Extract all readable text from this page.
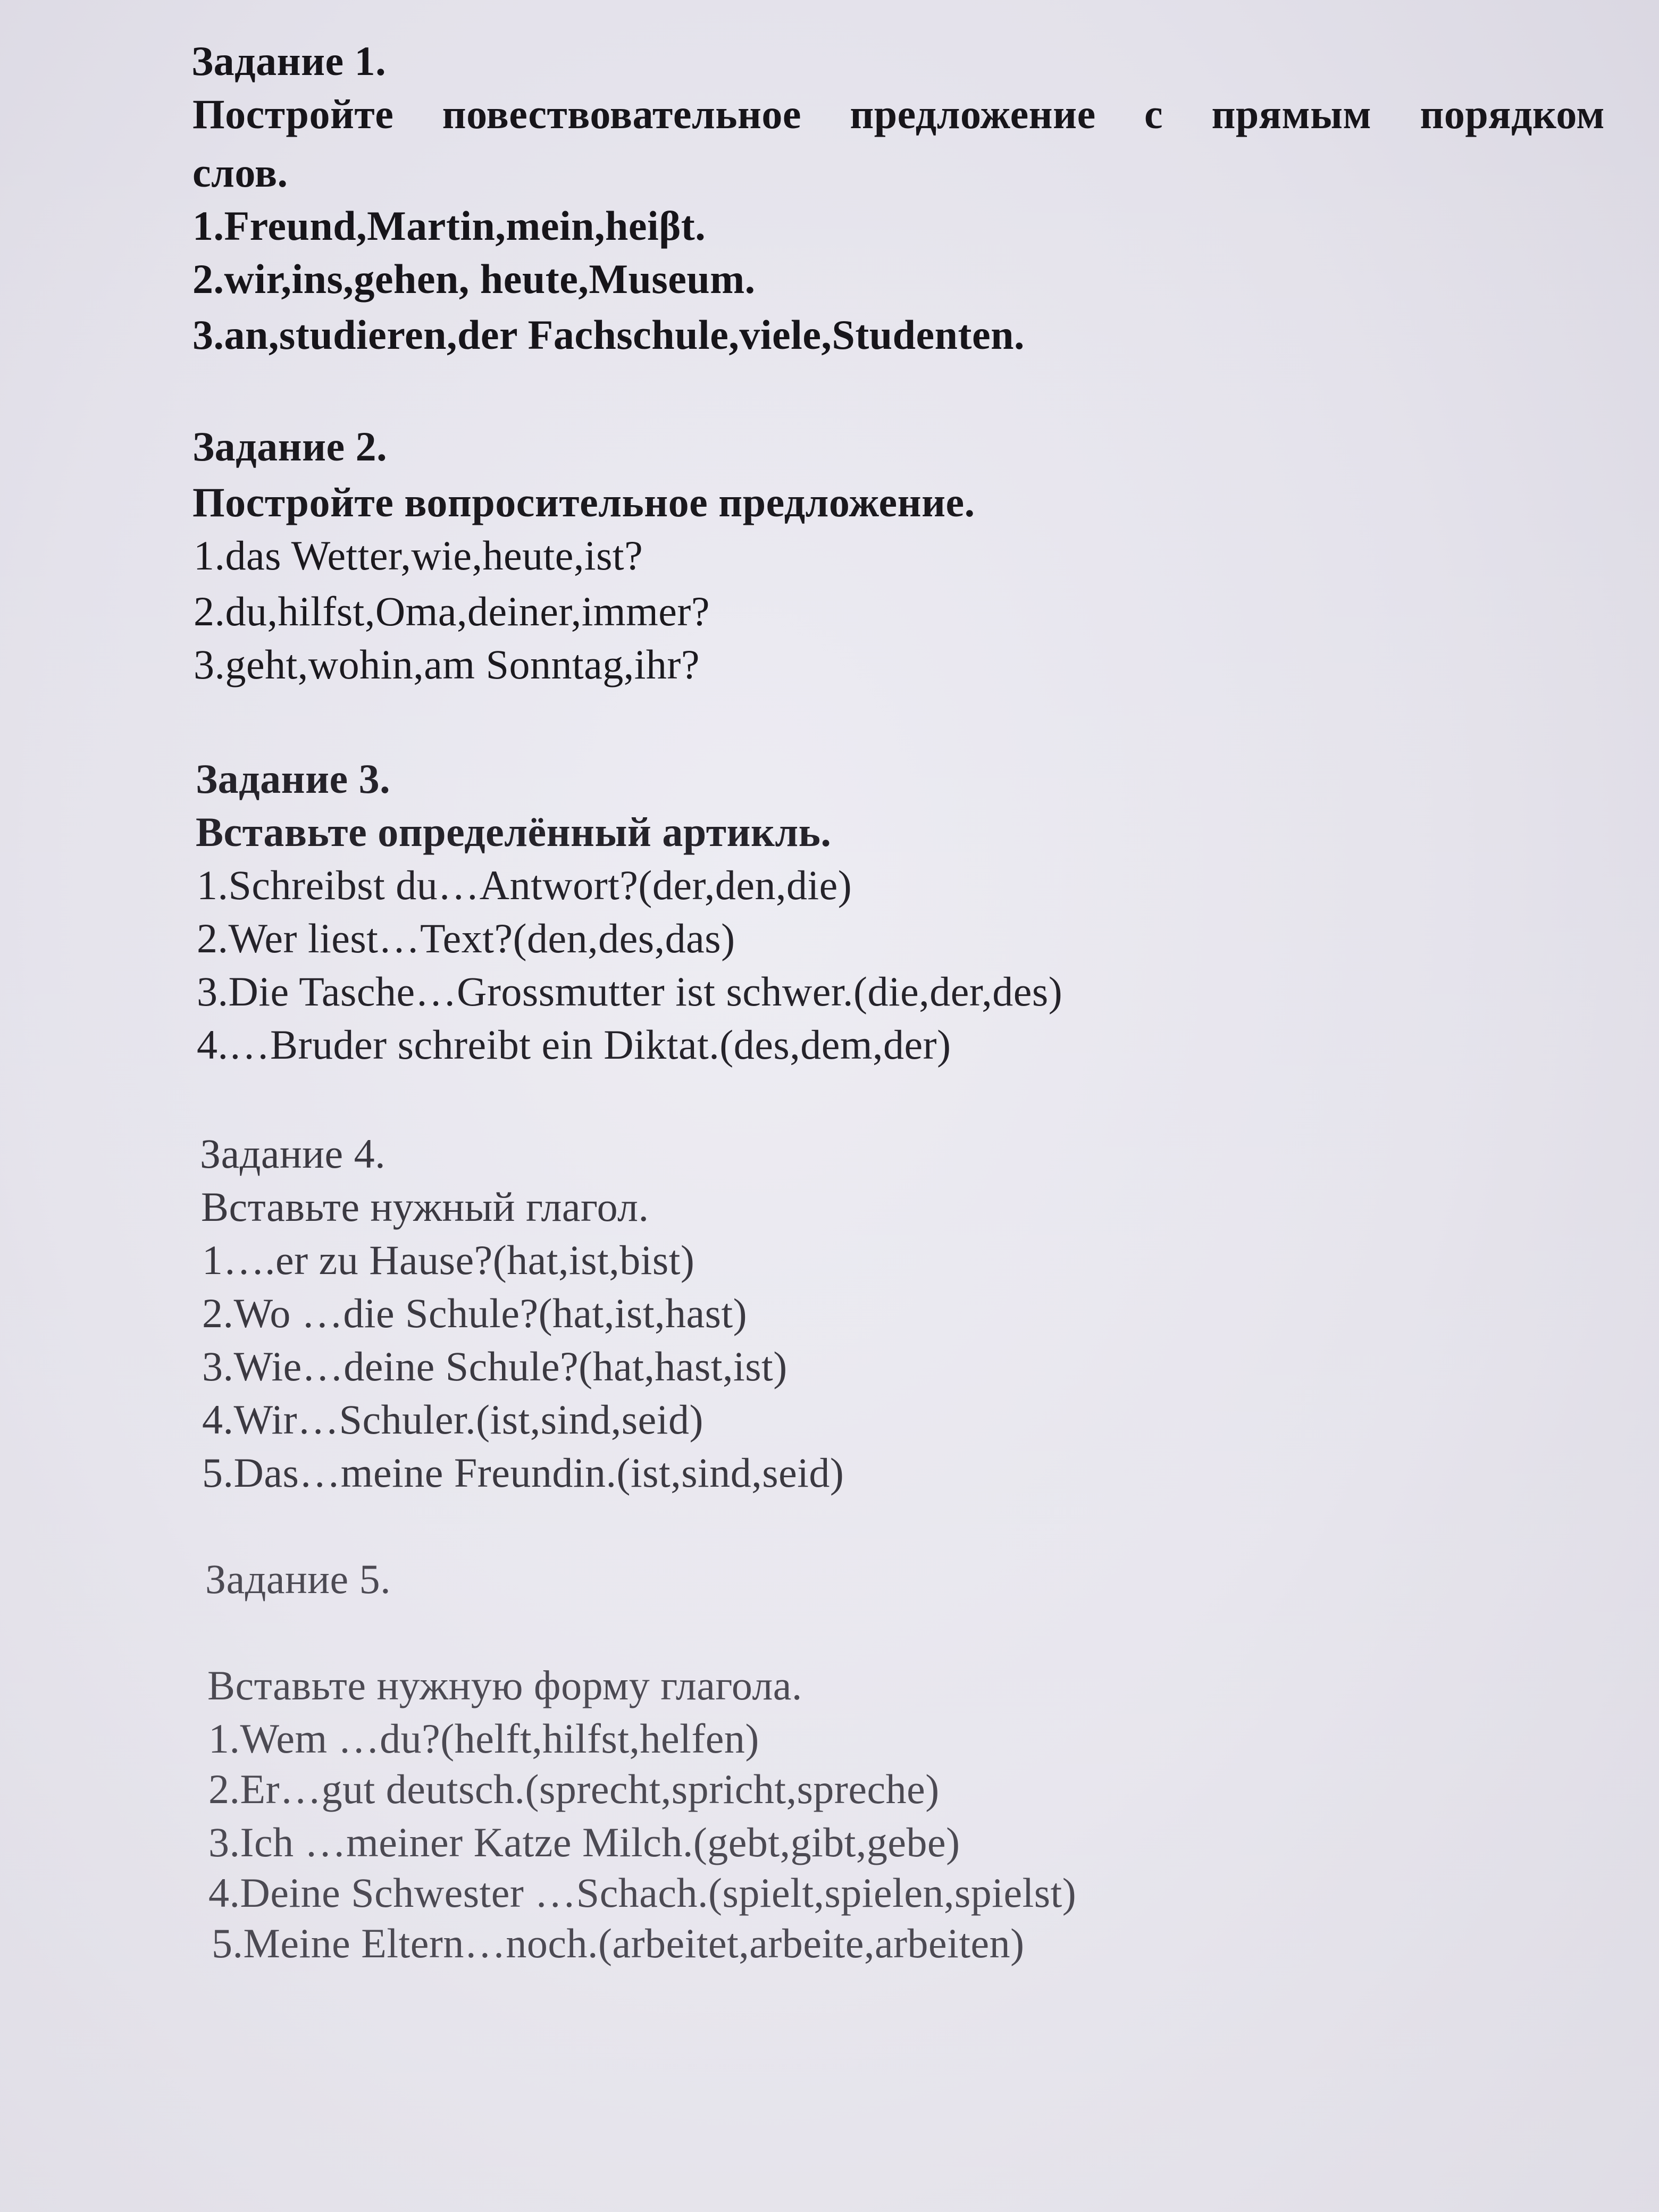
Задание 1.
Постройте повествовательное предложение с прямым порядком
слов.
1.Freund,Martin,mein,heiβt.
2.wir,ins,gehen, heute,Museum.
3.an,studieren,der Fachschule,viele,Studenten.
Задание 2.
Постройте вопросительное предложение.
1.das Wetter,wie,heute,ist?
2.du,hilfst,Oma,deiner,immer?
3.geht,wohin,am Sonntag,ihr?
Задание 3.
Вставьте определённый артикль.
1.Schreibst du…Antwort?(der,den,die)
2.Wer liest…Text?(den,des,das)
3.Die Tasche…Grossmutter ist schwer.(die,der,des)
4.…Bruder schreibt ein Diktat.(des,dem,der)
Задание 4.
Вставьте нужный глагол.
1….er zu Hause?(hat,ist,bist)
2.Wo …die Schule?(hat,ist,hast)
3.Wie…deine Schule?(hat,hast,ist)
4.Wir…Schuler.(ist,sind,seid)
5.Das…meine Freundin.(ist,sind,seid)
Задание 5.
Вставьте нужную форму глагола.
1.Wem …du?(helft,hilfst,helfen)
2.Er…gut deutsch.(sprecht,spricht,spreche)
3.Ich …meiner Katze Milch.(gebt,gibt,gebe)
4.Deine Schwester …Schach.(spielt,spielen,spielst)
5.Meine Eltern…noch.(arbeitet,arbeite,arbeiten)
